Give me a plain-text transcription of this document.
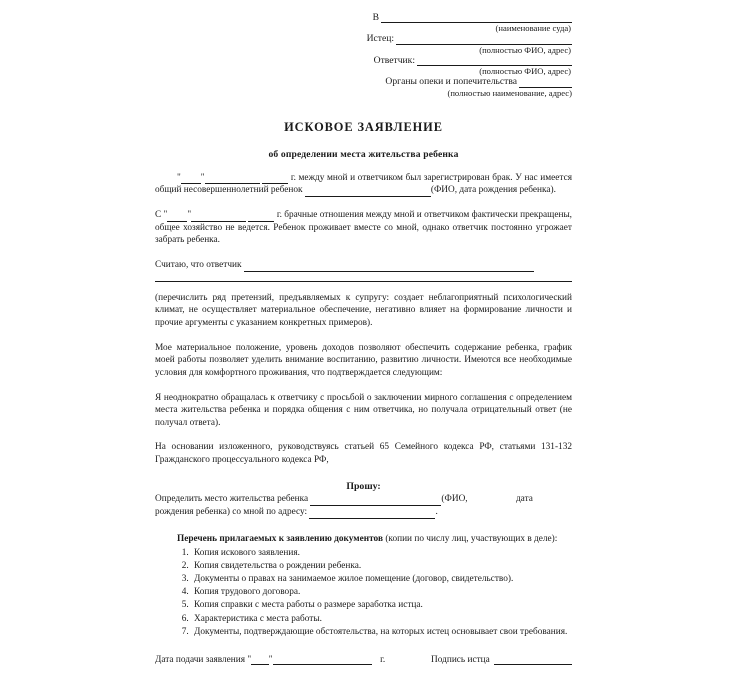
В
(наименование суда)
Истец:
(полностью ФИО, адрес)
Ответчик:
(полностью ФИО, адрес)
Органы опеки и попечительства
(полностью наименование, адрес)
ИСКОВОЕ ЗАЯВЛЕНИЕ
об определении места жительства ребенка
" "	г. между мной и ответчиком был зарегистрирован брак. У нас имеется общий несовершеннолетний ребенок	(ФИО, дата рождения ребенка).
С " "	г. брачные отношения между мной и ответчиком фактически прекращены, общее хозяйство не ведется. Ребенок проживает вместе со мной, однако ответчик постоянно угрожает забрать ребенка.
Считаю, что ответчик
(перечислить ряд претензий, предъявляемых к супругу: создает неблагоприятный психологический климат, не осуществляет материальное обеспечение, негативно влияет на формирование личности и прочие аргументы с указанием конкретных примеров).
Мое материальное положение, уровень доходов позволяют обеспечить содержание ребенка, график моей работы позволяет уделить внимание воспитанию, развитию личности. Имеются все необходимые условия для комфортного проживания, что подтверждается следующим:
Я неоднократно обращалась к ответчику с просьбой о заключении мирного соглашения с определением места жительства ребенка и порядка общения с ним ответчика, но получала отрицательный ответ (не получал ответа).
На основании изложенного, руководствуясь статьей 65 Семейного кодекса РФ, статьями 131-132 Гражданского процессуального кодекса РФ,
Прошу:
Определить место жительства ребенка	(ФИО,	дата
рождения ребенка) со мной по адресу:	.
Перечень прилагаемых к заявлению документов (копии по числу лиц, участвующих в деле):
1. Копия искового заявления.
2. Копия свидетельства о рождении ребенка.
3. Документы о правах на занимаемое жилое помещение (договор, свидетельство).
4. Копия трудового договора.
5. Копия справки с места работы о размере заработка истца.
6. Характеристика с места работы.
7. Документы, подтверждающие обстоятельства, на которых истец основывает свои требования.
Дата подачи заявления " "	г.	Подпись истца
